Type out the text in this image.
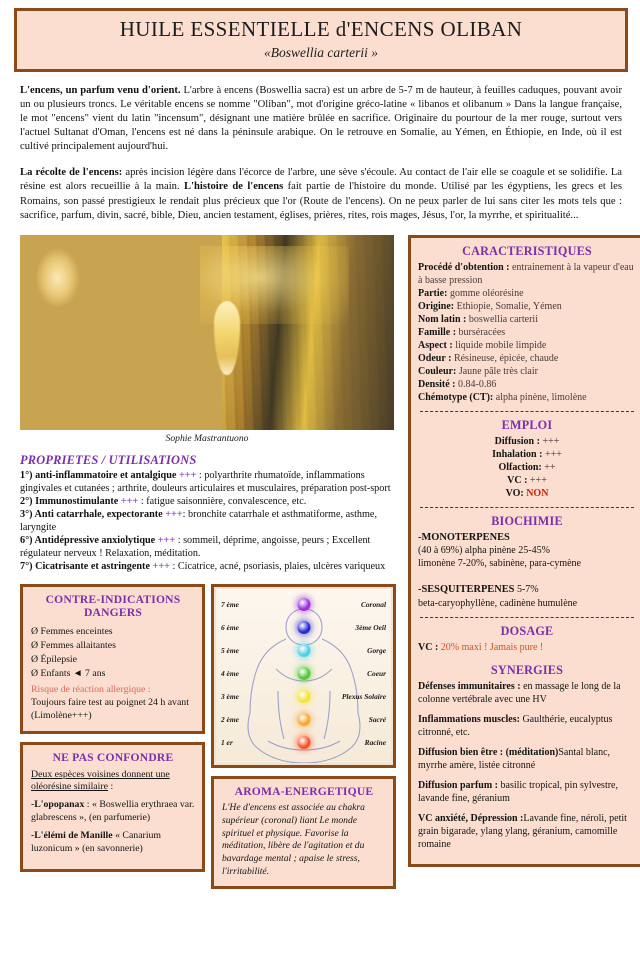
HUILE ESSENTIELLE d'ENCENS OLIBAN
«Boswellia carterii »

L'encens, un parfum venu d'orient. L'arbre à encens (Boswellia sacra) est un arbre de 5-7 m de hauteur, à feuilles caduques, pouvant avoir un ou plusieurs troncs. Le véritable encens se nomme "Oliban", mot d'origine gréco-latine « libanos et olibanum » Dans la langue française, le mot "encens" vient du latin "incensum", désignant une matière brûlée en sacrifice. Originaire du pourtour de la mer rouge, surtout vers l'actuel Sultanat d'Oman, l'encens est né dans la péninsule arabique. On le retrouve en Somalie, au Yémen, en Éthiopie, en Inde, où il est cultivé principalement aujourd'hui.

La récolte de l'encens: après incision légère dans l'écorce de l'arbre, une sève s'écoule. Au contact de l'air elle se coagule et se solidifie. La résine est alors recueillie à la main. L'histoire de l'encens fait partie de l'histoire du monde. Utilisé par les égyptiens, les grecs et les Romains, son passé prestigieux le rendait plus précieux que l'or (Route de l'encens). On ne peux parler de lui sans citer les mots tels que : sacrifice, parfum, divin, sacré, bible, Dieu, ancien testament, églises, prières, rites, rois mages, Jésus, l'or, la myrrhe, et spiritualité...

Sophie Mastrantuono
PROPRIETES / UTILISATIONS
1°) anti-inflammatoire et antalgique +++ : polyarthrite rhumatoïde, inflammations gingivales et cutanées ; arthrite, douleurs articulaires et musculaires, préparation post-sport
2°) Immunostimulante +++ : fatigue saisonnière, convalescence, etc.
3°) Anti catarrhale, expectorante +++: bronchite catarrhale et asthmatiforme, asthme, laryngite
6°) Antidépressive anxiolytique +++ : sommeil, déprime, angoisse, peurs ; Excellent régulateur nerveux ! Relaxation, méditation.
7°) Cicatrisante et astringente +++ : Cicatrice, acné, psoriasis, plaies, ulcères variqueux
CONTRE-INDICATIONS
DANGERS
Ø Femmes enceintes
Ø Femmes allaitantes
Ø Épilepsie
Ø Enfants ◄ 7 ans
Risque de réaction allergique :
Toujours faire test au poignet 24 h avant (Limolène+++)
NE PAS CONFONDRE

Deux espèces voisines donnent une oléorésine similaire :

-L'opopanax : « Boswellia erythraea var. glabrescens », (en parfumerie)

-L'élémi de Manille « Canarium luzonicum » (en savonnerie)

7 ème	Coronal
6 ème	3ème Oeil
5 ème	Gorge
4 ème	Coeur
3 ème	Plexus Solaire
2 ème	Sacré
1 er	Racine
AROMA-ENERGETIQUE
L'He d'encens est associée au chakra supérieur (coronal) liant Le monde spirituel et physique. Favorise la méditation, libère de l'agitation et du bavardage mental ; apaise le stress, l'irritabilité.
CARACTERISTIQUES

Procédé d'obtention : entrainement à la vapeur d'eau à basse pression

Partie: gomme oléorésine

Origine: Ethiopie, Somalie, Yémen

Nom latin : boswellia carterii

Famille : burséracées

Aspect : liquide mobile limpide

Odeur : Résineuse, épicée, chaude

Couleur: Jaune pâle très clair

Densité : 0.84-0.86

Chémotype (CT): alpha pinène, limolène

EMPLOI

Diffusion : +++

Inhalation : +++

Olfaction: ++

VC : +++

VO: NON

BIOCHIMIE

-MONOTERPENES

(40 à 69%) alpha pinène 25-45%

limonène 7-20%, sabinène, para-cymène

-SESQUITERPENES 5-7%

beta-caryophyllène, cadinène humulène

DOSAGE
VC : 20% maxi ! Jamais pure !
SYNERGIES

Défenses immunitaires : en massage le long de la colonne vertébrale avec une HV

Inflammations muscles: Gaulthérie, eucalyptus citronné, etc.

Diffusion bien être : (méditation)Santal blanc, myrrhe amère, listée citronné

Diffusion parfum : basilic tropical, pin sylvestre, lavande fine, géranium

VC anxiété, Dépression :Lavande fine, néroli, petit grain bigarade, ylang ylang, géranium, camomille romaine
